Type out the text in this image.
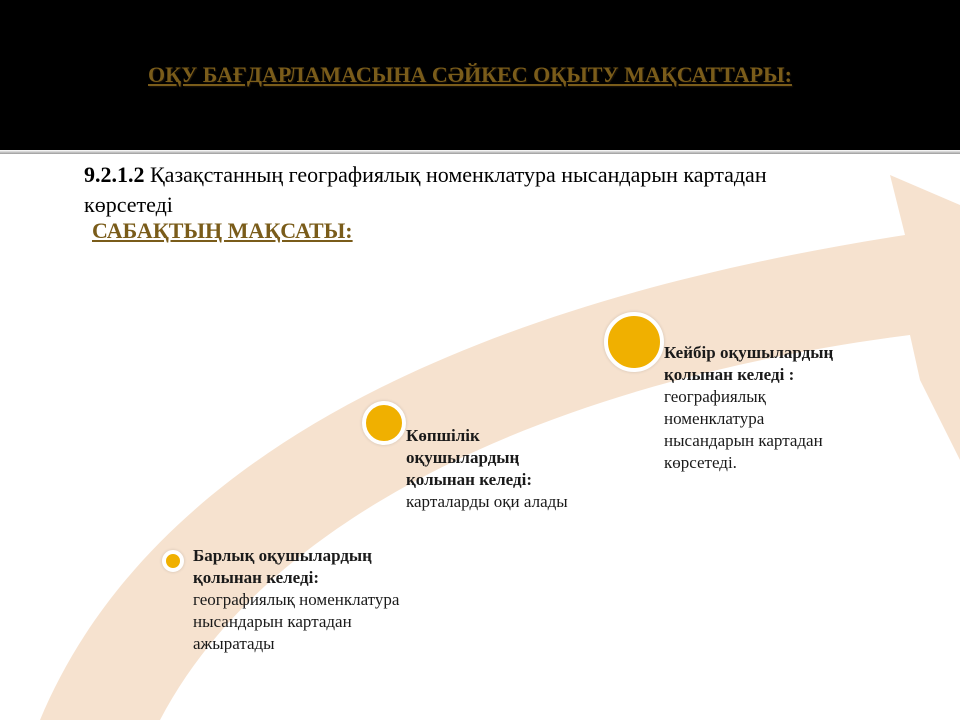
ОҚУ БАҒДАРЛАМАСЫНА СӘЙКЕС ОҚЫТУ МАҚСАТТАРЫ:
9.2.1.2 Қазақстанның географиялық номенклатура нысандарын картадан көрсетеді
САБАҚТЫҢ МАҚСАТЫ:
Барлық оқушылардың қолынан келеді:
географиялық номенклатура нысандарын картадан ажыратады
Көпшілік оқушылардың қолынан келеді:
карталарды оқи алады
Кейбір оқушылардың қолынан келеді :
географиялық номенклатура нысандарын картадан көрсетеді.
